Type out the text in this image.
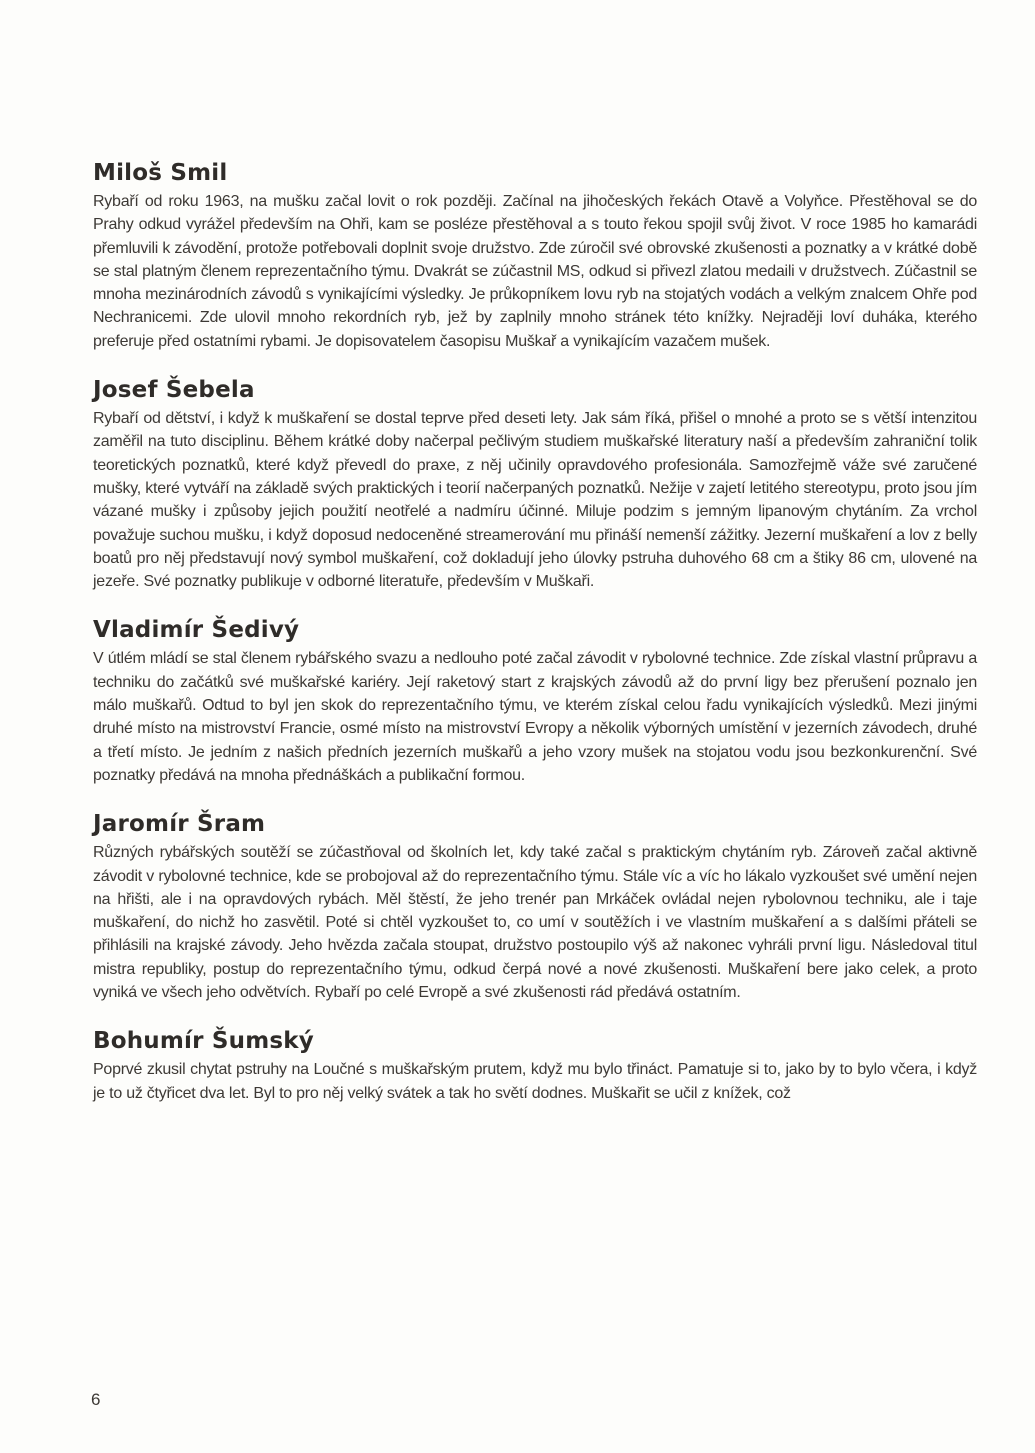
Miloš Smil

Rybaří od roku 1963, na mušku začal lovit o rok později. Začínal na jihočeských řekách Otavě a Volyňce. Přestěhoval se do Prahy odkud vyrážel především na Ohři, kam se posléze přestěhoval a s touto řekou spojil svůj život. V roce 1985 ho kamarádi přemluvili k závodění, protože potřebovali doplnit svoje družstvo. Zde zúročil své obrovské zkušenosti a poznatky a v krátké době se stal platným členem reprezentačního týmu. Dvakrát se zúčastnil MS, odkud si přivezl zlatou medaili v družstvech. Zúčastnil se mnoha mezinárodních závodů s vynikajícími výsledky. Je průkopníkem lovu ryb na stojatých vodách a velkým znalcem Ohře pod Nechranicemi. Zde ulovil mnoho rekordních ryb, jež by zaplnily mnoho stránek této knížky. Nejraději loví duháka, kterého preferuje před ostatními rybami. Je dopisovatelem časopisu Muškař a vynikajícím vazačem mušek.

Josef Šebela

Rybaří od dětství, i když k muškaření se dostal teprve před deseti lety. Jak sám říká, přišel o mnohé a proto se s větší intenzitou zaměřil na tuto disciplinu. Během krátké doby načerpal pečlivým studiem muškařské literatury naší a především zahraniční tolik teoretických poznatků, které když převedl do praxe, z něj učinily opravdového profesionála. Samozřejmě váže své zaručené mušky, které vytváří na základě svých praktických i teorií načerpaných poznatků. Nežije v zajetí letitého stereotypu, proto jsou jím vázané mušky i způsoby jejich použití neotřelé a nadmíru účinné. Miluje podzim s jemným lipanovým chytáním. Za vrchol považuje suchou mušku, i když doposud nedoceněné streamerování mu přináší nemenší zážitky. Jezerní muškaření a lov z belly boatů pro něj představují nový symbol muškaření, což dokladují jeho úlovky pstruha duhového 68 cm a štiky 86 cm, ulovené na jezeře. Své poznatky publikuje v odborné literatuře, především v Muškaři.

Vladimír Šedivý

V útlém mládí se stal členem rybářského svazu a nedlouho poté začal závodit v rybolovné technice. Zde získal vlastní průpravu a techniku do začátků své muškařské kariéry. Její raketový start z krajských závodů až do první ligy bez přerušení poznalo jen málo muškařů. Odtud to byl jen skok do reprezentačního týmu, ve kterém získal celou řadu vynikajících výsledků. Mezi jinými druhé místo na mistrovství Francie, osmé místo na mistrovství Evropy a několik výborných umístění v jezerních závodech, druhé a třetí místo. Je jedním z našich předních jezerních muškařů a jeho vzory mušek na stojatou vodu jsou bezkonkurenční. Své poznatky předává na mnoha přednáškách a publikační formou.

Jaromír Šram

Různých rybářských soutěží se zúčastňoval od školních let, kdy také začal s praktickým chytáním ryb. Zároveň začal aktivně závodit v rybolovné technice, kde se probojoval až do reprezentačního týmu. Stále víc a víc ho lákalo vyzkoušet své umění nejen na hřišti, ale i na opravdových rybách. Měl štěstí, že jeho trenér pan Mrkáček ovládal nejen rybolovnou techniku, ale i taje muškaření, do nichž ho zasvětil. Poté si chtěl vyzkoušet to, co umí v soutěžích i ve vlastním muškaření a s dalšími přáteli se přihlásili na krajské závody. Jeho hvězda začala stoupat, družstvo postoupilo výš až nakonec vyhráli první ligu. Následoval titul mistra republiky, postup do reprezentačního týmu, odkud čerpá nové a nové zkušenosti. Muškaření bere jako celek, a proto vyniká ve všech jeho odvětvích. Rybaří po celé Evropě a své zkušenosti rád předává ostatním.

Bohumír Šumský

Poprvé zkusil chytat pstruhy na Loučné s muškařským prutem, když mu bylo třináct. Pamatuje si to, jako by to bylo včera, i když je to už čtyřicet dva let. Byl to pro něj velký svátek a tak ho světí dodnes. Muškařit se učil z knížek, což

6
